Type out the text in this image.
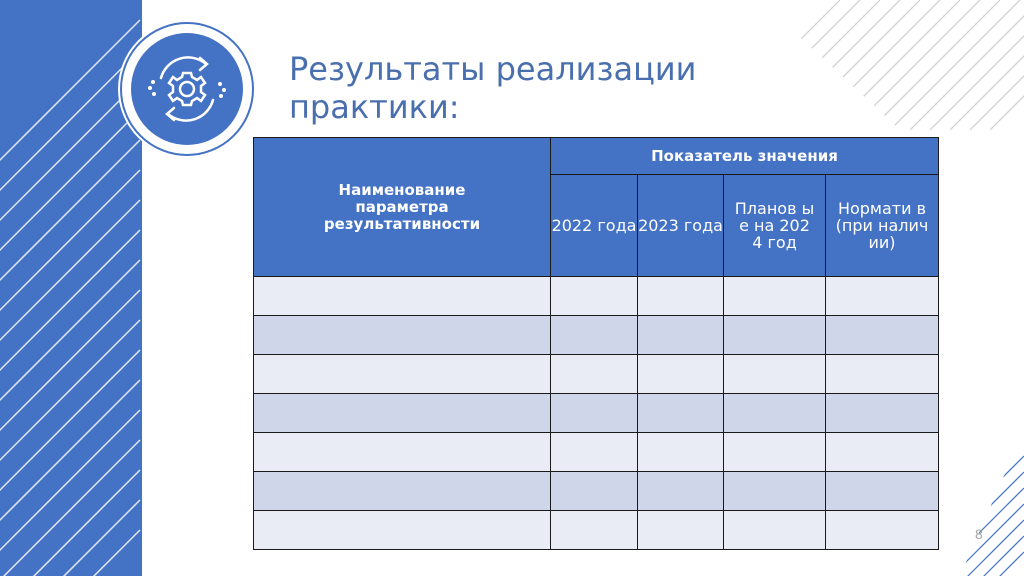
Результаты реализации
практики:

Наименование параметра результативности	Показатель значения			
	2022 года	2023 года	Планов ые на 2024 год	Нормати в (при наличии)

8
